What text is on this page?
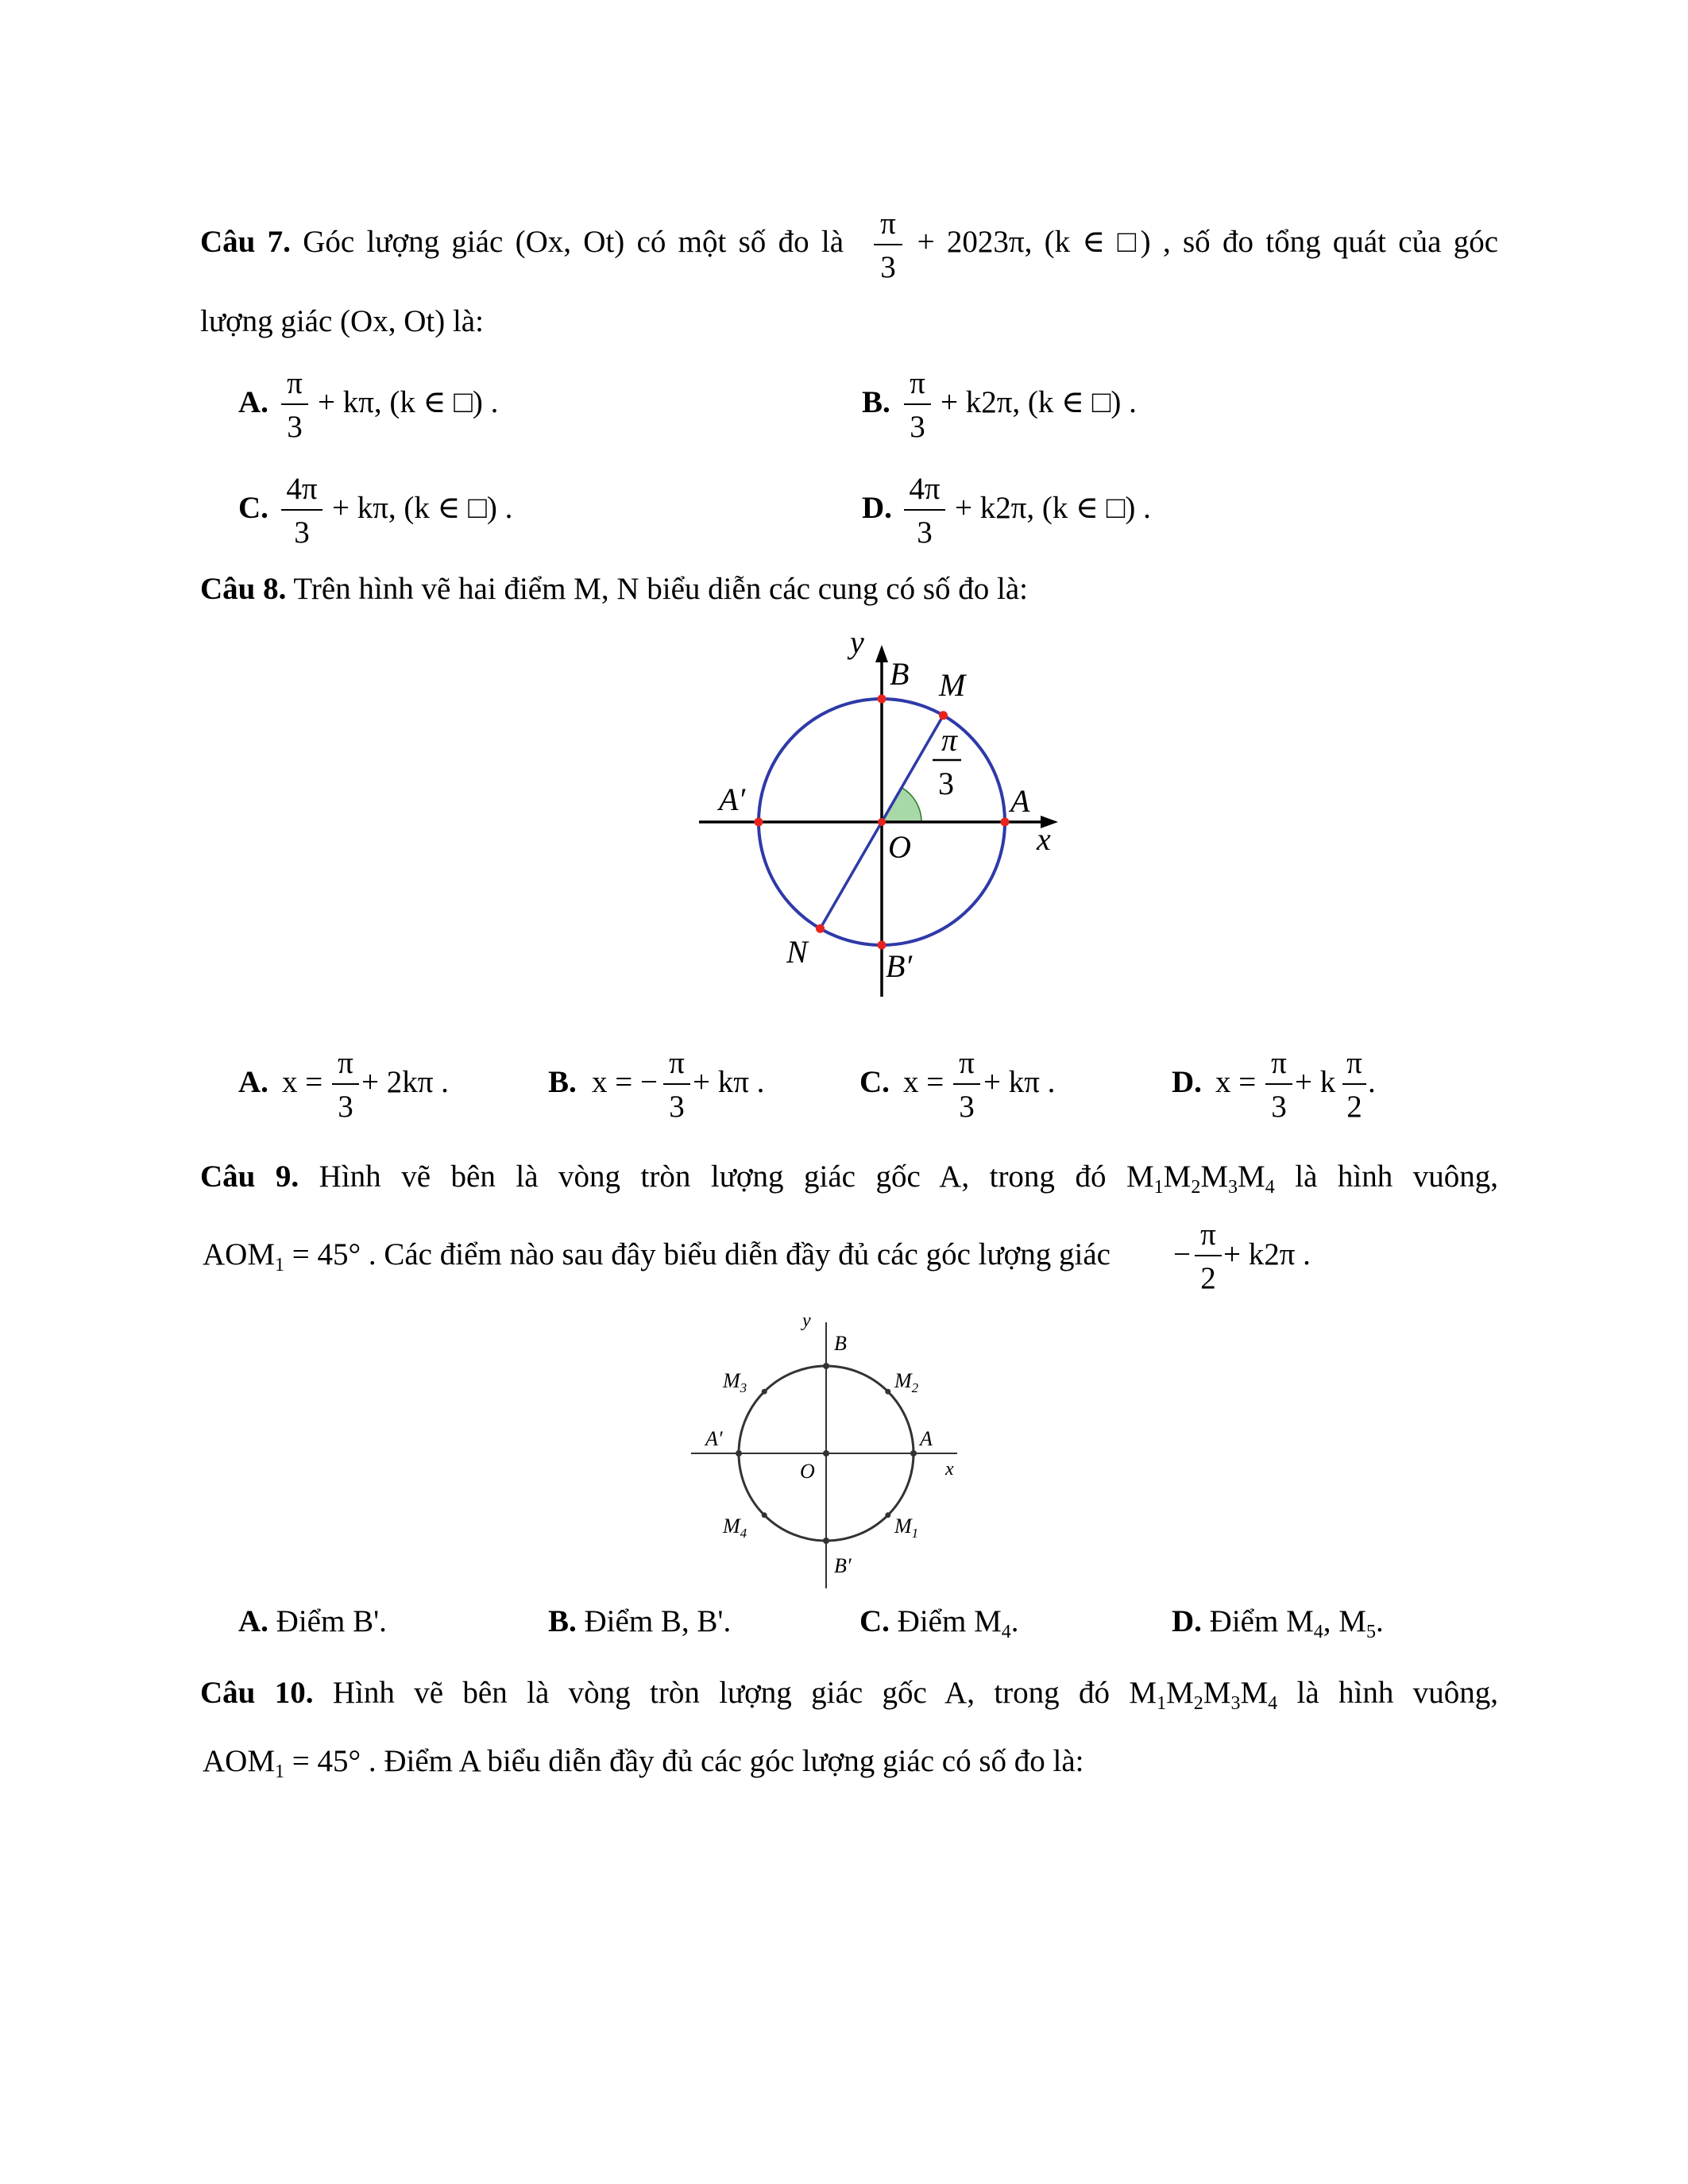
Câu 7. Góc lượng giác (Ox, Ot) có một số đo là + 2023π, (k ∈ □) , số đo tổng quát của góc
π
3
lượng giác (Ox, Ot) là:
A.
π
3
+ kπ, (k ∈ □) .	B.
π
3
+ k2π, (k ∈ □) .
C.
4π
3
+ kπ, (k ∈ □) .	D.
4π
3
+ k2π, (k ∈ □) .
Câu 8. Trên hình vẽ hai điểm M, N biểu diễn các cung có số đo là:
y
B M
π
3
A′	A
x
O
N B′
A. x =
π
3
+ 2kπ .	B. x = −
π
3
+ kπ .	C. x =
π
3
+ kπ .	D. x =
π
3
+ k
π
2
.
Câu 9. Hình vẽ bên là vòng tròn lượng giác gốc A, trong đó $M_1M_2M_3M_4$ là hình vuông,
$AOM_1 = 45^\circ$ . Các điểm nào sau đây biểu diễn đầy đủ các góc lượng giác −
π
2
+ k2π .
y
B
$M_3$	$M_2$
A′	A
x
O
$M_4$	$M_1$
B′
A. Điểm B'.	B. Điểm B, B'.	C. Điểm $M_4$.	D. Điểm $M_4$, $M_5$.
Câu 10. Hình vẽ bên là vòng tròn lượng giác gốc A, trong đó $M_1M_2M_3M_4$ là hình vuông,
$AOM_1 = 45^\circ$ . Điểm A biểu diễn đầy đủ các góc lượng giác có số đo là:
